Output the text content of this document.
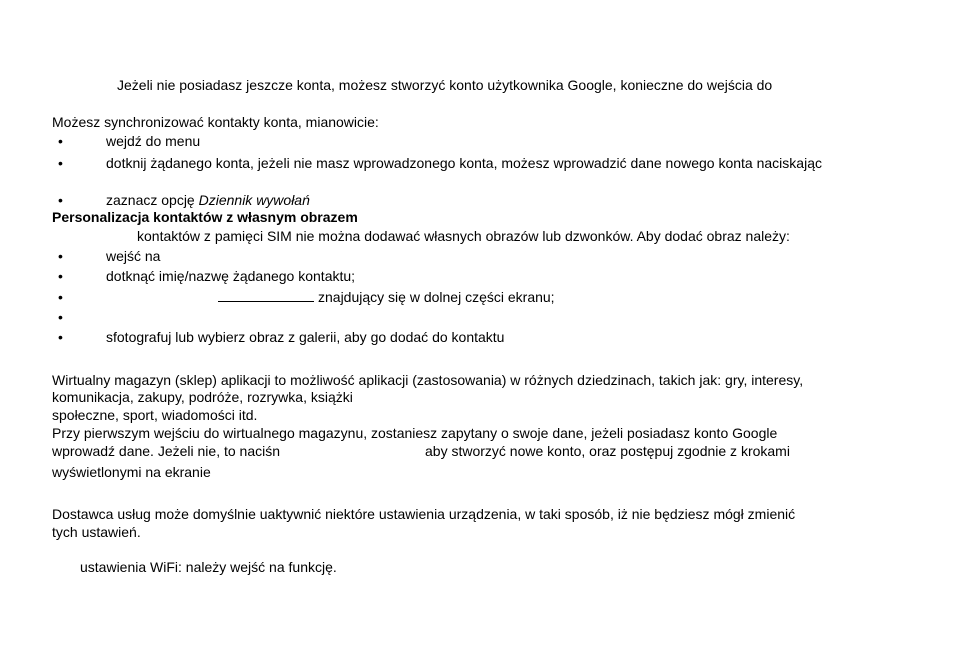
Jeżeli nie posiadasz jeszcze konta, możesz stworzyć konto użytkownika Google, konieczne do wejścia do
Możesz synchronizować kontakty konta, mianowicie:
•	wejdź do menu
•	dotknij żądanego konta, jeżeli nie masz wprowadzonego konta, możesz wprowadzić dane nowego konta naciskając
•	zaznacz opcję Dziennik wywołań
Personalizacja kontaktów z własnym obrazem
kontaktów z pamięci SIM nie można dodawać własnych obrazów lub dzwonków. Aby dodać obraz należy:
•	wejść na
•	dotknąć imię/nazwę żądanego kontaktu;
•	znajdujący się w dolnej części ekranu;
•
•	sfotografuj lub wybierz obraz z galerii, aby go dodać do kontaktu
Wirtualny magazyn (sklep) aplikacji to możliwość aplikacji (zastosowania) w różnych dziedzinach, takich jak: gry, interesy,
komunikacja, zakupy, podróże, rozrywka, książki
społeczne, sport, wiadomości itd.
Przy pierwszym wejściu do wirtualnego magazynu, zostaniesz zapytany o swoje dane, jeżeli posiadasz konto Google
wprowadź dane. Jeżeli nie, to naciśn	aby stworzyć nowe konto, oraz postępuj zgodnie z krokami
wyświetlonymi na ekranie
Dostawca usług może domyślnie uaktywnić niektóre ustawienia urządzenia, w taki sposób, iż nie będziesz mógł zmienić
tych ustawień.
ustawienia WiFi: należy wejść na funkcję.
